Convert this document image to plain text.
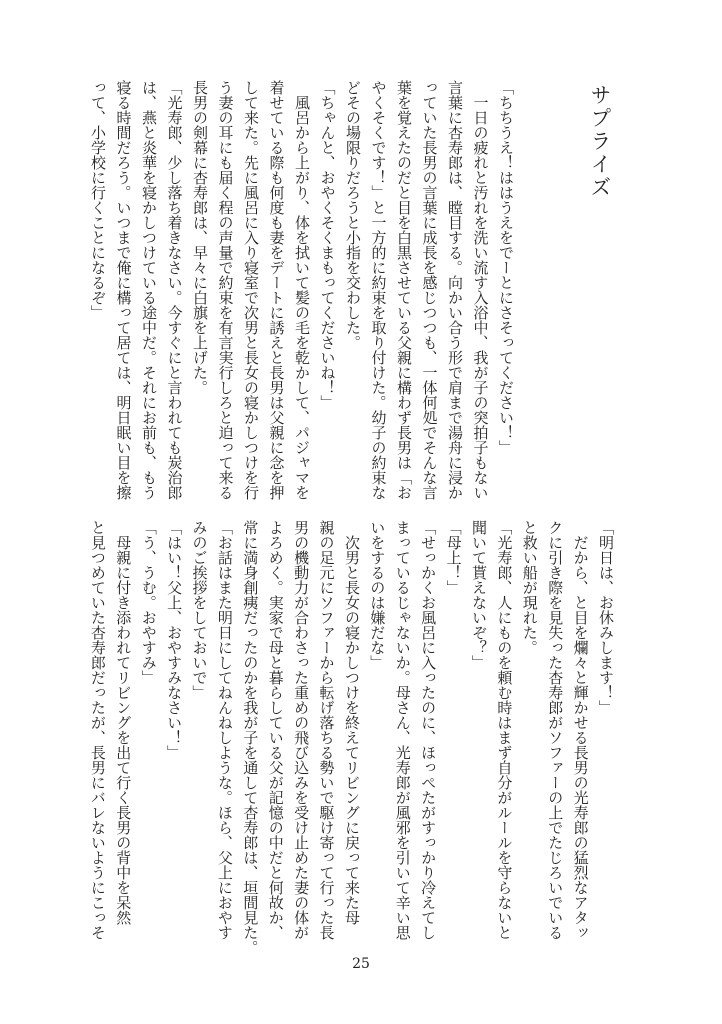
サプライズ
「ちちうえ！ははうえをでーとにさそってください！」
　一日の疲れと汚れを洗い流す入浴中、我が子の突拍子もない
言葉に杏寿郎は、瞠目する。向かい合う形で肩まで湯舟に浸か
っていた長男の言葉に成長を感じつつも、一体何処でそんな言
葉を覚えたのだと目を白黒させている父親に構わず長男は「お
やくそくです！」と一方的に約束を取り付けた。幼子の約束な
どその場限りだろうと小指を交わした。
「ちゃんと、おやくそくまもってくださいね！」
　風呂から上がり、体を拭いて髪の毛を乾かして、パジャマを
着せている際も何度も妻をデートに誘えと長男は父親に念を押
して来た。先に風呂に入り寝室で次男と長女の寝かしつけを行
う妻の耳にも届く程の声量で約束を有言実行しろと迫って来る
長男の剣幕に杏寿郎は、早々に白旗を上げた。
「光寿郎、少し落ち着きなさい。今すぐにと言われても炭治郎
は、燕と炎華を寝かしつけている途中だ。それにお前も、もう
寝る時間だろう。いつまで俺に構って居ては、明日眠い目を擦
って、小学校に行くことになるぞ」
「明日は、お休みします！」
　だから、と目を爛々と輝かせる長男の光寿郎の猛烈なアタッ
クに引き際を見失った杏寿郎がソファーの上でたじろいでいる
と救い船が現れた。
「光寿郎、人にものを頼む時はまず自分がルールを守らないと
聞いて貰えないぞ？」
「母上！」
「せっかくお風呂に入ったのに、ほっぺたがすっかり冷えてし
まっているじゃないか。母さん、光寿郎が風邪を引いて辛い思
いをするのは嫌だな」
　次男と長女の寝かしつけを終えてリビングに戻って来た母
親の足元にソファーから転げ落ちる勢いで駆け寄って行った長
男の機動力が合わさった重めの飛び込みを受け止めた妻の体が
よろめく。実家で母と暮らしている父が記憶の中だと何故か、
常に満身創痍だったのかを我が子を通して杏寿郎は、垣間見た。
「お話はまた明日にしてねんねしような。ほら、父上におやす
みのご挨拶をしておいで」
「はい！父上、おやすみなさい！」
「う、うむ。おやすみ」
　母親に付き添われてリビングを出て行く長男の背中を呆然
と見つめていた杏寿郎だったが、長男にバレないようにこっそ
25
